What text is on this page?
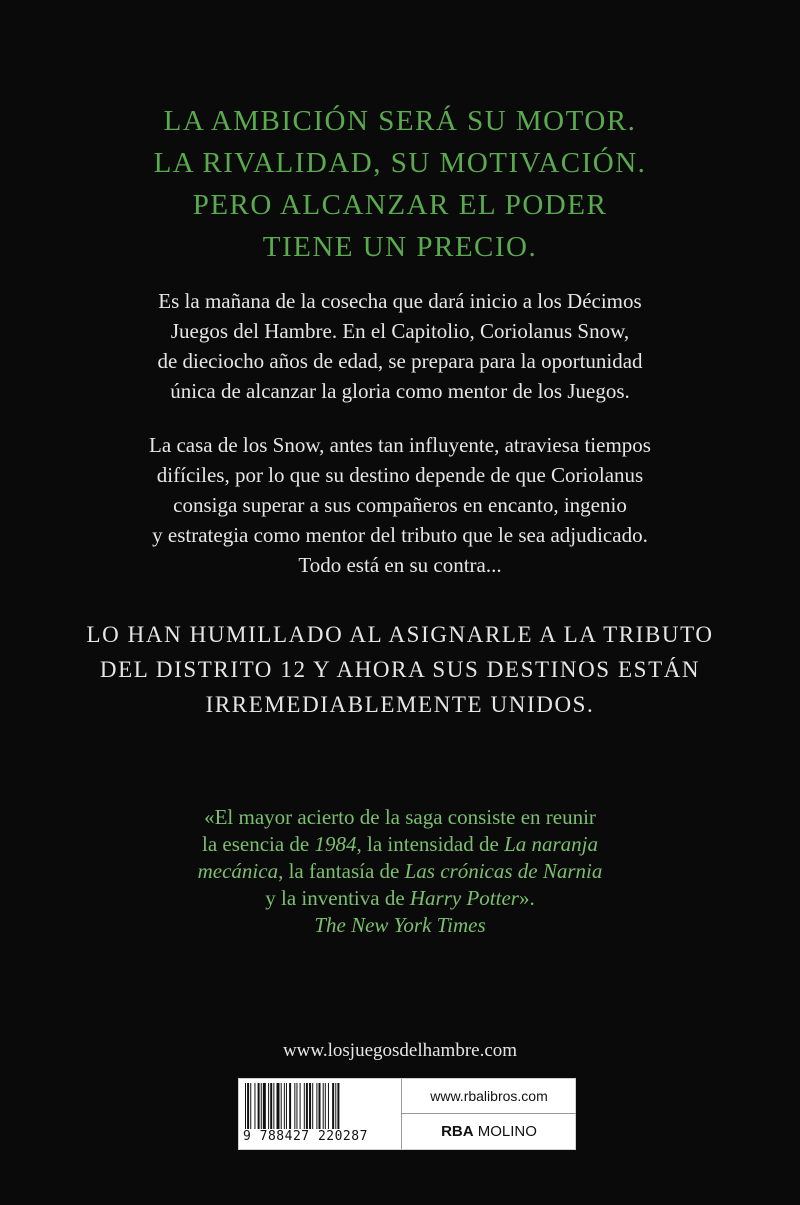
LA AMBICIÓN SERÁ SU MOTOR.
LA RIVALIDAD, SU MOTIVACIÓN.
PERO ALCANZAR EL PODER
TIENE UN PRECIO.
Es la mañana de la cosecha que dará inicio a los Décimos
Juegos del Hambre. En el Capitolio, Coriolanus Snow,
de dieciocho años de edad, se prepara para la oportunidad
única de alcanzar la gloria como mentor de los Juegos.
La casa de los Snow, antes tan influyente, atraviesa tiempos
difíciles, por lo que su destino depende de que Coriolanus
consiga superar a sus compañeros en encanto, ingenio
y estrategia como mentor del tributo que le sea adjudicado.
Todo está en su contra...
LO HAN HUMILLADO AL ASIGNARLE A LA TRIBUTO
DEL DISTRITO 12 Y AHORA SUS DESTINOS ESTÁN
IRREMEDIABLEMENTE UNIDOS.
«El mayor acierto de la saga consiste en reunir
la esencia de 1984, la intensidad de La naranja
mecánica, la fantasía de Las crónicas de Narnia
y la inventiva de Harry Potter».
The New York Times
www.losjuegosdelhambre.com
9 788427 220287
www.rbalibros.com
RBA MOLINO
